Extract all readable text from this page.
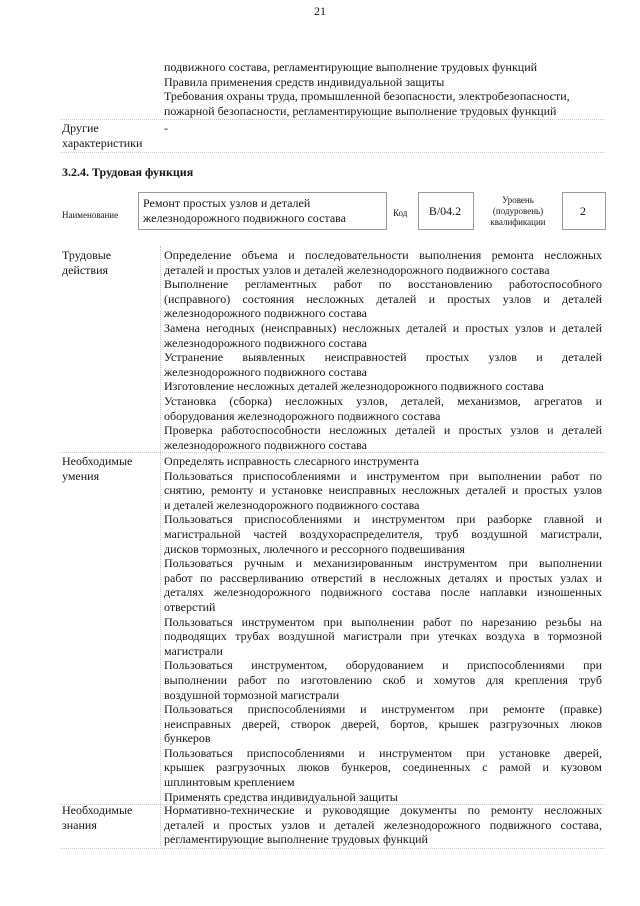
21
подвижного состава, регламентирующие выполнение трудовых функций
Правила применения средств индивидуальной защиты
Требования охраны труда, промышленной безопасности, электробезопасности,
пожарной безопасности, регламентирующие выполнение трудовых функций
Другие
характеристики
-
3.2.4. Трудовая функция
Наименование
Ремонт простых узлов и деталей
железнодорожного подвижного состава	Код	В/04.2
Уровень
(подуровень)
квалификации
2
Трудовые
действия
Определение объема и последовательности выполнения ремонта несложных
деталей и простых узлов и деталей железнодорожного подвижного состава
Выполнение регламентных работ по восстановлению работоспособного
(исправного) состояния несложных деталей и простых узлов и деталей
железнодорожного подвижного состава
Замена негодных (неисправных) несложных деталей и простых узлов и деталей
железнодорожного подвижного состава
Устранение выявленных неисправностей простых узлов и деталей
железнодорожного подвижного состава
Изготовление несложных деталей железнодорожного подвижного состава
Установка (сборка) несложных узлов, деталей, механизмов, агрегатов и
оборудования железнодорожного подвижного состава
Проверка работоспособности несложных деталей и простых узлов и деталей
железнодорожного подвижного состава
Необходимые
умения
Определять исправность слесарного инструмента
Пользоваться приспособлениями и инструментом при выполнении работ по
снятию, ремонту и установке неисправных несложных деталей и простых узлов
и деталей железнодорожного подвижного состава
Пользоваться приспособлениями и инструментом при разборке главной и
магистральной частей воздухораспределителя, труб воздушной магистрали,
дисков тормозных, люлечного и рессорного подвешивания
Пользоваться ручным и механизированным инструментом при выполнении
работ по рассверливанию отверстий в несложных деталях и простых узлах и
деталях железнодорожного подвижного состава после наплавки изношенных
отверстий
Пользоваться инструментом при выполнении работ по нарезанию резьбы на
подводящих трубах воздушной магистрали при утечках воздуха в тормозной
магистрали
Пользоваться инструментом, оборудованием и приспособлениями при
выполнении работ по изготовлению скоб и хомутов для крепления труб
воздушной тормозной магистрали
Пользоваться приспособлениями и инструментом при ремонте (правке)
неисправных дверей, створок дверей, бортов, крышек разгрузочных люков
бункеров
Пользоваться приспособлениями и инструментом при установке дверей,
крышек разгрузочных люков бункеров, соединенных с рамой и кузовом
шплинтовым креплением
Применять средства индивидуальной защиты
Необходимые
знания
Нормативно-технические и руководящие документы по ремонту несложных
деталей и простых узлов и деталей железнодорожного подвижного состава,
регламентирующие выполнение трудовых функций
